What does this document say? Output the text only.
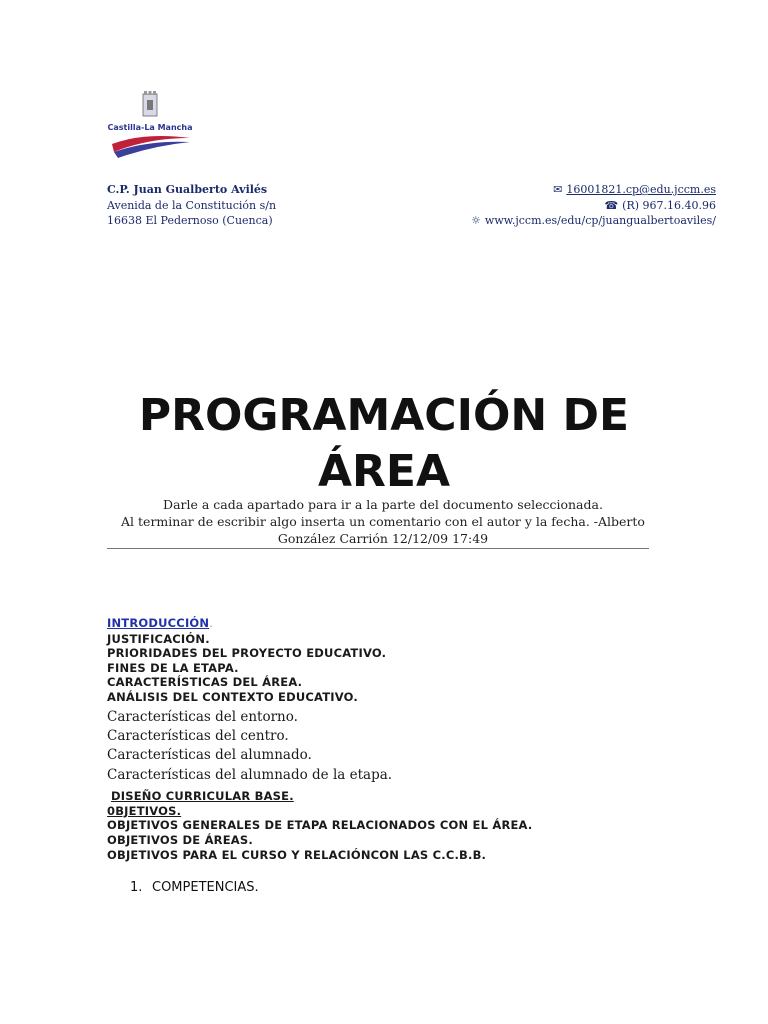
Castilla-La Mancha
C.P. Juan Gualberto Avilés
Avenida de la Constitución s/n
16638 El Pedernoso (Cuenca)
✉ 16001821.cp@edu.jccm.es
☎ (R) 967.16.40.96
☼ www.jccm.es/edu/cp/juangualbertoaviles/
PROGRAMACIÓN DE
ÁREA
Darle a cada apartado para ir a la parte del documento seleccionada.
Al terminar de escribir algo inserta un comentario con el autor y la fecha. -Alberto
González Carrión 12/12/09 17:49
INTRODUCCIÓN.
JUSTIFICACIÓN.
PRIORIDADES DEL PROYECTO EDUCATIVO.
FINES DE LA ETAPA.
CARACTERÍSTICAS DEL ÁREA.
ANÁLISIS DEL CONTEXTO EDUCATIVO.
Características del entorno.
Características del centro.
Características del alumnado.
Características del alumnado de la etapa.
DISEÑO CURRICULAR BASE.
0BJETIVOS.
OBJETIVOS GENERALES DE ETAPA RELACIONADOS CON EL ÁREA.
OBJETIVOS DE ÁREAS.
OBJETIVOS PARA EL CURSO Y RELACIÓNCON LAS C.C.B.B.
1. COMPETENCIAS.
